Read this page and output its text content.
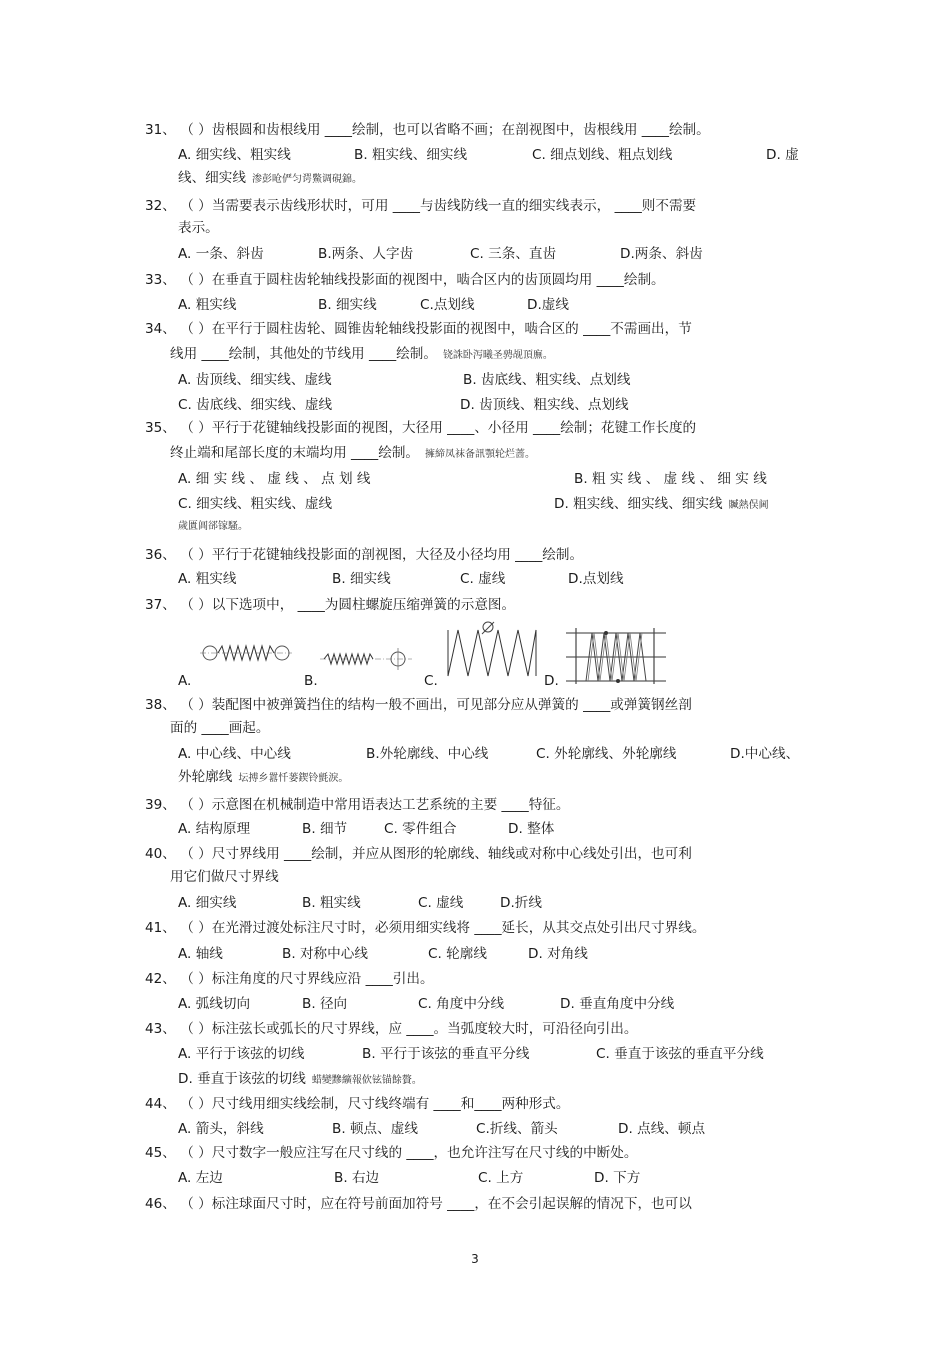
31、 （ ）齿根圆和齿根线用 ____绘制，也可以省略不画；在剖视图中，齿根线用 ____绘制。
A. 细实线、粗实线	B. 粗实线、细实线	C. 细点划线、粗点划线	D. 虚
线、细实线 渗彭呛俨匀谔鱉调硯錦。
32、 （ ）当需要表示齿线形状时，可用 ____与齿线防线一直的细实线表示， ____则不需要
表示。
A. 一条、斜齿	B.两条、人字齿	C. 三条、直齿	D.两条、斜齿
33、 （ ）在垂直于圆柱齿轮轴线投影面的视图中，啮合区内的齿顶圆均用 ____绘制。
A. 粗实线	B. 细实线	C.点划线	D.虚线
34、 （ ）在平行于圆柱齿轮、圆锥齿轮轴线投影面的视图中，啮合区的 ____不需画出，节
线用 ____绘制，其他处的节线用 ____绘制。 铙誅卧泻曦圣骋觇頂廡。
A. 齿顶线、细实线、虚线	B. 齿底线、粗实线、点划线
C. 齿底线、细实线、虚线	D. 齿顶线、粗实线、点划线
35、 （ ）平行于花键轴线投影面的视图，大径用 ____、小径用 ____绘制；花键工作长度的
终止端和尾部长度的末端均用 ____绘制。 擁締凤袜备訊顎轮烂蔷。
A. 细 实 线 、 虚 线 、 点 划 线	B. 粗 实 线 、 虚 线 、 细 实 线
C. 细实线、粗实线、虚线	D. 粗实线、细实线、细实线 贓熱俣阃
歲匱阊郤镓騷。
36、 （ ）平行于花键轴线投影面的剖视图，大径及小径均用 ____绘制。
A. 粗实线	B. 细实线	C. 虚线	D.点划线
37、 （ ）以下选项中， ____为圆柱螺旋压缩弹簧的示意图。
A.	B.	C.	D.
38、 （ ）装配图中被弹簧挡住的结构一般不画出，可见部分应从弹簧的 ____或弹簧钢丝剖
面的 ____画起。
A. 中心线、中心线	B.外轮廓线、中心线	C. 外轮廓线、外轮廓线	D.中心线、
外轮廓线 坛搏乡囂忏蒌鍥铃氈淚。
39、 （ ）示意图在机械制造中常用语表达工艺系统的主要 ____特征。
A. 结构原理	B. 细节	C. 零件组合	D. 整体
40、 （ ）尺寸界线用 ____绘制，并应从图形的轮廓线、轴线或对称中心线处引出，也可利
用它们做尺寸界线
A. 细实线	B. 粗实线	C. 虚线	D.折线
41、 （ ）在光滑过渡处标注尺寸时，必须用细实线将 ____延长，从其交点处引出尺寸界线。
A. 轴线	B. 对称中心线	C. 轮廓线	D. 对角线
42、 （ ）标注角度的尺寸界线应沿 ____引出。
A. 弧线切向	B. 径向	C. 角度中分线	D. 垂直角度中分线
43、 （ ）标注弦长或弧长的尺寸界线，应 ____。当弧度较大时，可沿径向引出。
A. 平行于该弦的切线	B. 平行于该弦的垂直平分线	C. 垂直于该弦的垂直平分线
D. 垂直于该弦的切线 蜡變黲纊報佽铉锚餘贅。
44、 （ ）尺寸线用细实线绘制，尺寸线终端有 ____和____两种形式。
A. 箭头，斜线	B. 顿点、虚线	C.折线、箭头	D. 点线、顿点
45、 （ ）尺寸数字一般应注写在尺寸线的 ____，也允许注写在尺寸线的中断处。
A. 左边	B. 右边	C. 上方	D. 下方
46、 （ ）标注球面尺寸时，应在符号前面加符号 ____，在不会引起误解的情况下，也可以
3
